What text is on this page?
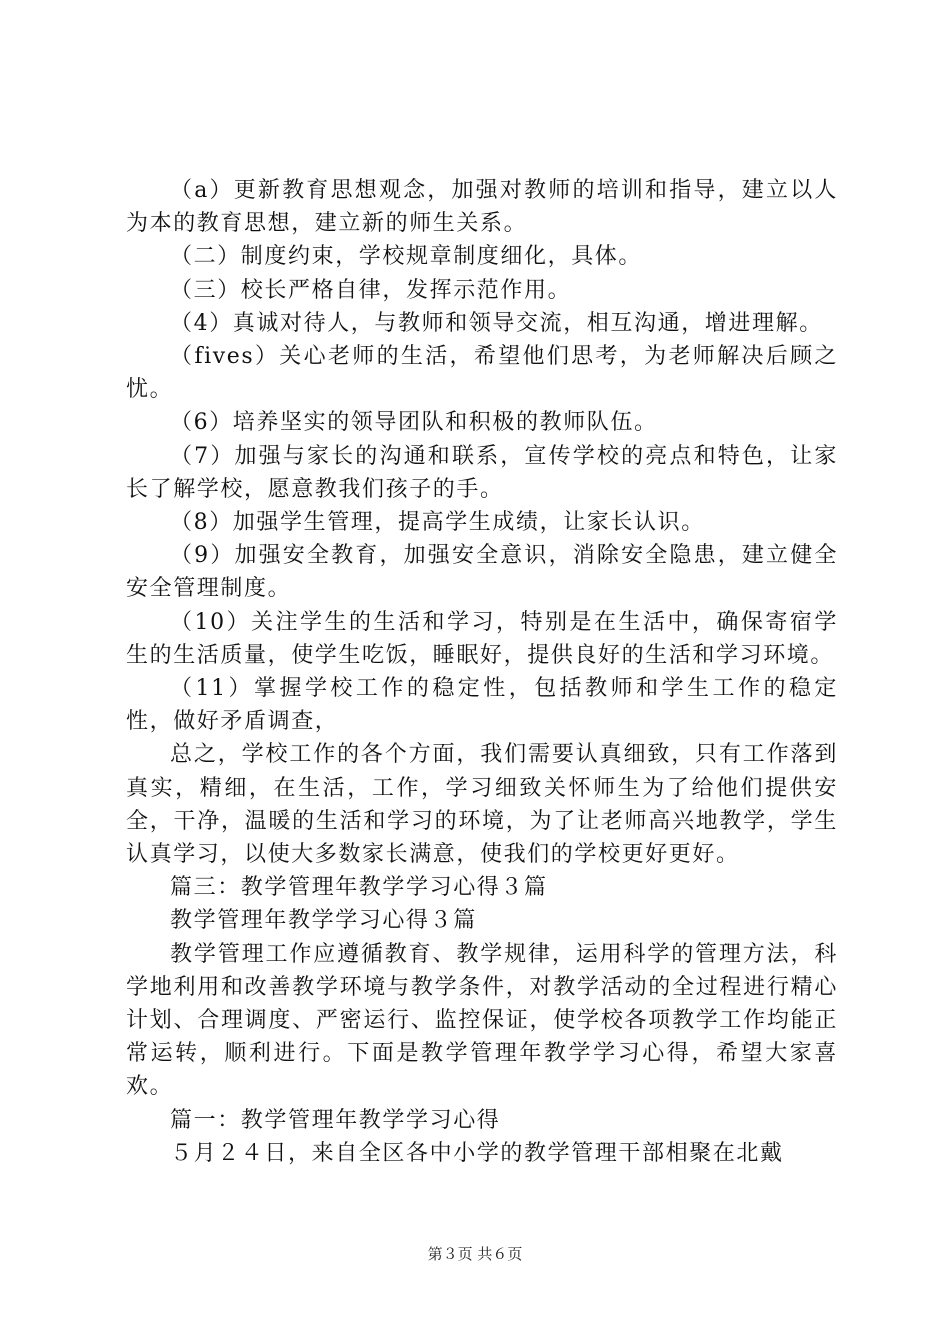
（a）更新教育思想观念，加强对教师的培训和指导，建立以人为本的教育思想，建立新的师生关系。

（二）制度约束，学校规章制度细化，具体。

（三）校长严格自律，发挥示范作用。

（4）真诚对待人，与教师和领导交流，相互沟通，增进理解。

（fives）关心老师的生活，希望他们思考，为老师解决后顾之忧。

（6）培养坚实的领导团队和积极的教师队伍。

（7）加强与家长的沟通和联系，宣传学校的亮点和特色，让家长了解学校，愿意教我们孩子的手。

（8）加强学生管理，提高学生成绩，让家长认识。

（9）加强安全教育，加强安全意识，消除安全隐患，建立健全安全管理制度。

（10）关注学生的生活和学习，特别是在生活中，确保寄宿学生的生活质量，使学生吃饭，睡眠好，提供良好的生活和学习环境。

（11）掌握学校工作的稳定性，包括教师和学生工作的稳定性，做好矛盾调查，

总之，学校工作的各个方面，我们需要认真细致，只有工作落到真实，精细，在生活，工作，学习细致关怀师生为了给他们提供安全，干净，温暖的生活和学习的环境，为了让老师高兴地教学，学生认真学习，以使大多数家长满意，使我们的学校更好更好。

篇三：教学管理年教学学习心得３篇

教学管理年教学学习心得３篇

教学管理工作应遵循教育、教学规律，运用科学的管理方法，科学地利用和改善教学环境与教学条件，对教学活动的全过程进行精心计划、合理调度、严密运行、监控保证，使学校各项教学工作均能正常运转，顺利进行。下面是教学管理年教学学习心得，希望大家喜欢。

篇一：教学管理年教学学习心得

５月２４日，来自全区各中小学的教学管理干部相聚在北戴

第３页 共６页
